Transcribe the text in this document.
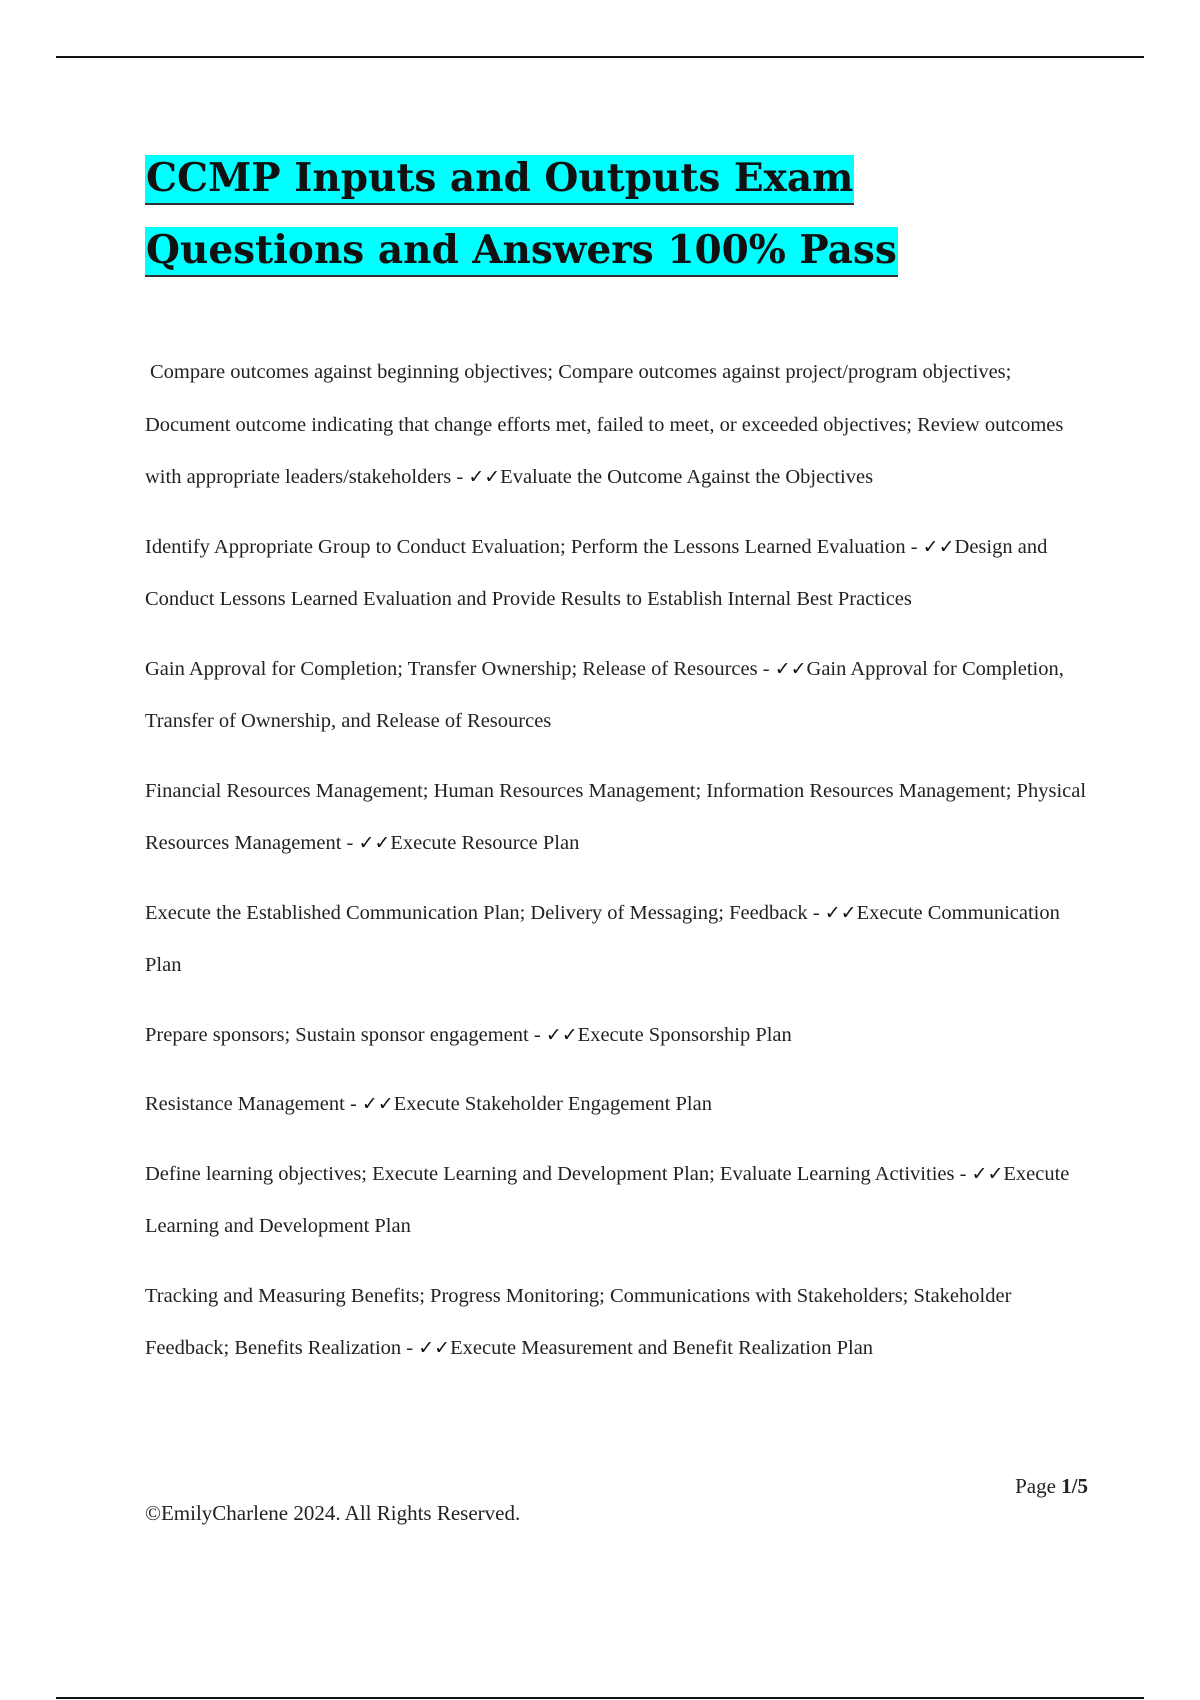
CCMP Inputs and Outputs Exam Questions and Answers 100% Pass

Compare outcomes against beginning objectives; Compare outcomes against project/program objectives; Document outcome indicating that change efforts met, failed to meet, or exceeded objectives; Review outcomes with appropriate leaders/stakeholders - ✓✓Evaluate the Outcome Against the Objectives

Identify Appropriate Group to Conduct Evaluation; Perform the Lessons Learned Evaluation - ✓✓Design and Conduct Lessons Learned Evaluation and Provide Results to Establish Internal Best Practices

Gain Approval for Completion; Transfer Ownership; Release of Resources - ✓✓Gain Approval for Completion, Transfer of Ownership, and Release of Resources

Financial Resources Management; Human Resources Management; Information Resources Management; Physical Resources Management - ✓✓Execute Resource Plan

Execute the Established Communication Plan; Delivery of Messaging; Feedback - ✓✓Execute Communication Plan

Prepare sponsors; Sustain sponsor engagement - ✓✓Execute Sponsorship Plan

Resistance Management - ✓✓Execute Stakeholder Engagement Plan

Define learning objectives; Execute Learning and Development Plan; Evaluate Learning Activities - ✓✓Execute Learning and Development Plan

Tracking and Measuring Benefits; Progress Monitoring; Communications with Stakeholders; Stakeholder Feedback; Benefits Realization - ✓✓Execute Measurement and Benefit Realization Plan

Page 1/5
©EmilyCharlene 2024. All Rights Reserved.
